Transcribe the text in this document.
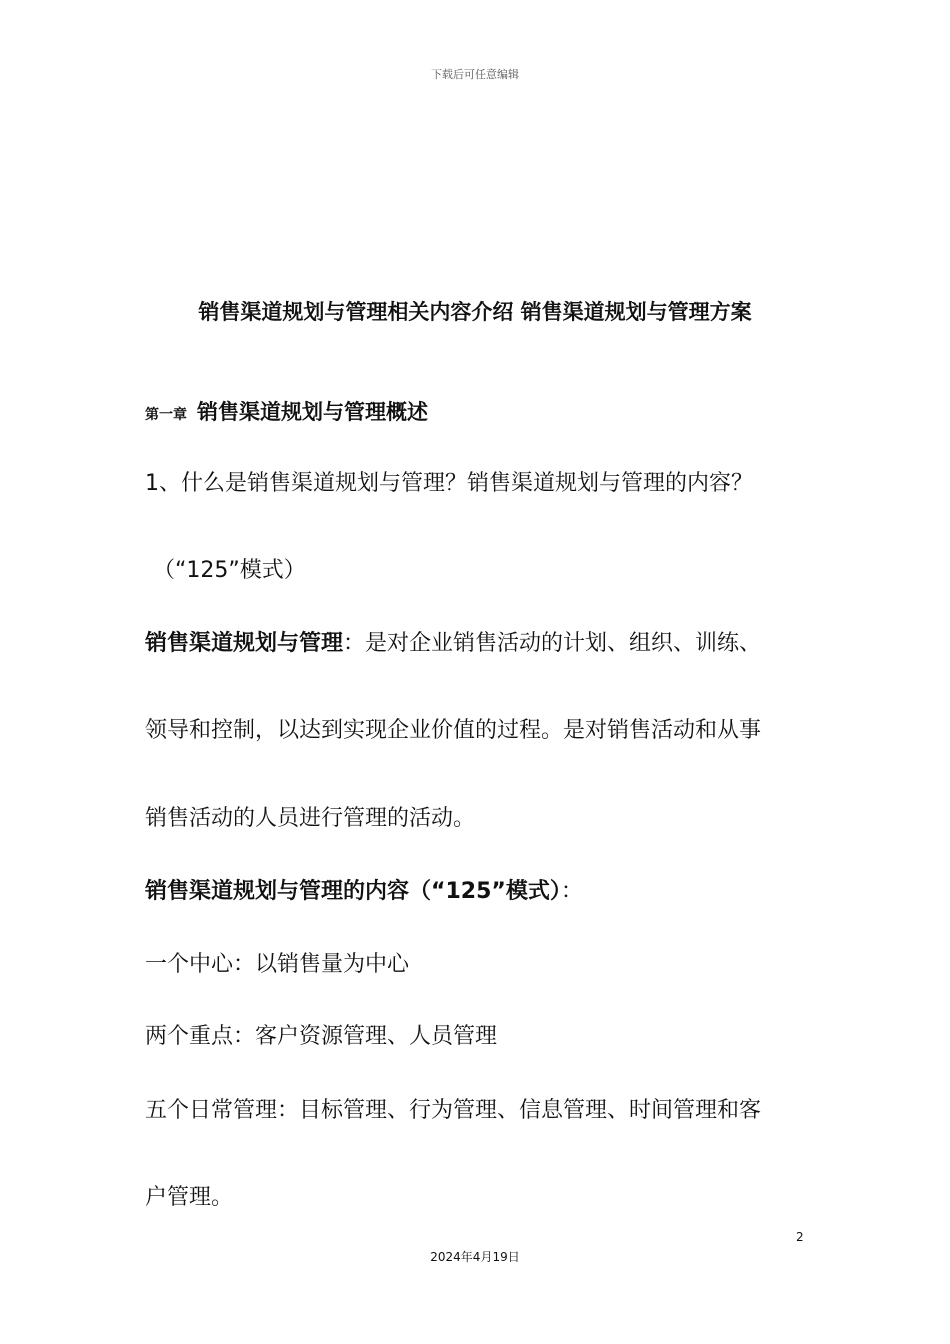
下载后可任意编辑
销售渠道规划与管理相关内容介绍 销售渠道规划与管理方案
第一章 销售渠道规划与管理概述
1、什么是销售渠道规划与管理？销售渠道规划与管理的内容？
（“125”模式）
销售渠道规划与管理：是对企业销售活动的计划、组织、训练、
领导和控制，以达到实现企业价值的过程。是对销售活动和从事
销售活动的人员进行管理的活动。
销售渠道规划与管理的内容（“125”模式）：
一个中心：以销售量为中心
两个重点：客户资源管理、人员管理
五个日常管理：目标管理、行为管理、信息管理、时间管理和客
户管理。
2
2024年4月19日
